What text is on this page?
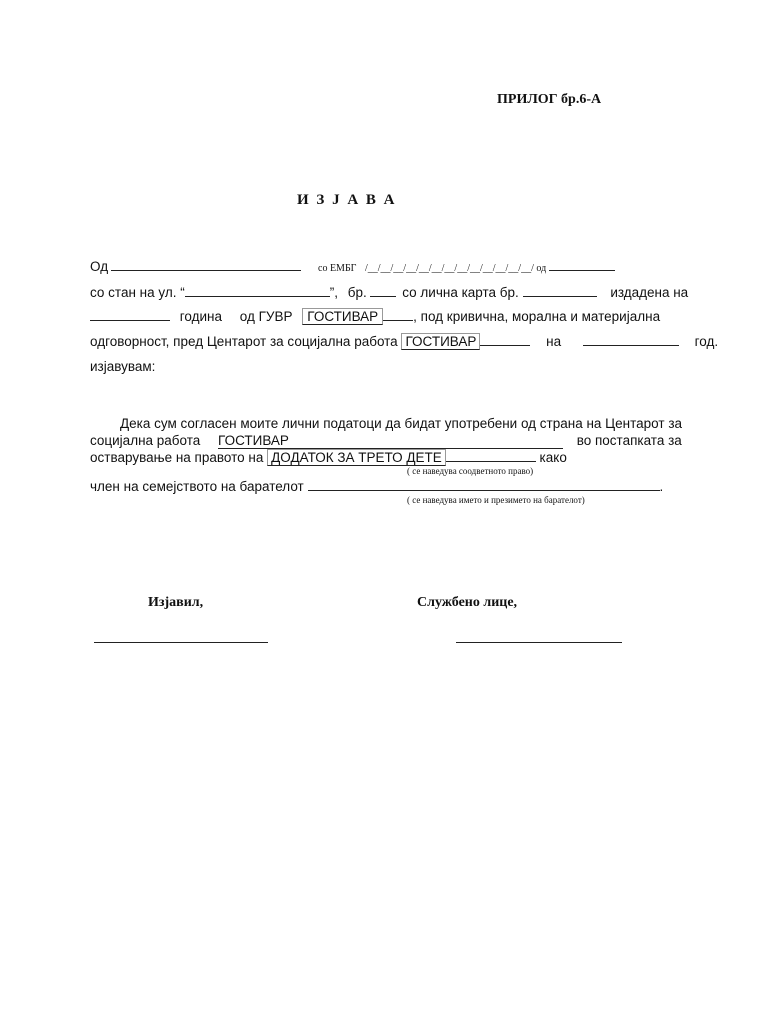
ПРИЛОГ бр.6-А
И З Ј А В А
Од	со ЕМБГ /__/__/__/__/__/__/__/__/__/__/__/__/__/ од
со стан на ул. “	”, бр.	со лична карта бр.	издадена на
година од ГУВР ГОСТИВАР	, под кривична, морална и материјална
одговорност, пред Центарот за социјална работа ГОСТИВАР	на	год.
изјавувам:
Дека сум согласен моите лични податоци да бидат употребени од страна на Центарот за
социјална работа ГОСТИВАР	во постапката за
остварување на правото на ДОДАТОК ЗА ТРЕТО ДЕТЕ	како
( се наведува соодветното право)
член на семејството на барателот	.
( се наведува името и презимето на барателот)
Изјавил,	Службено лице,
